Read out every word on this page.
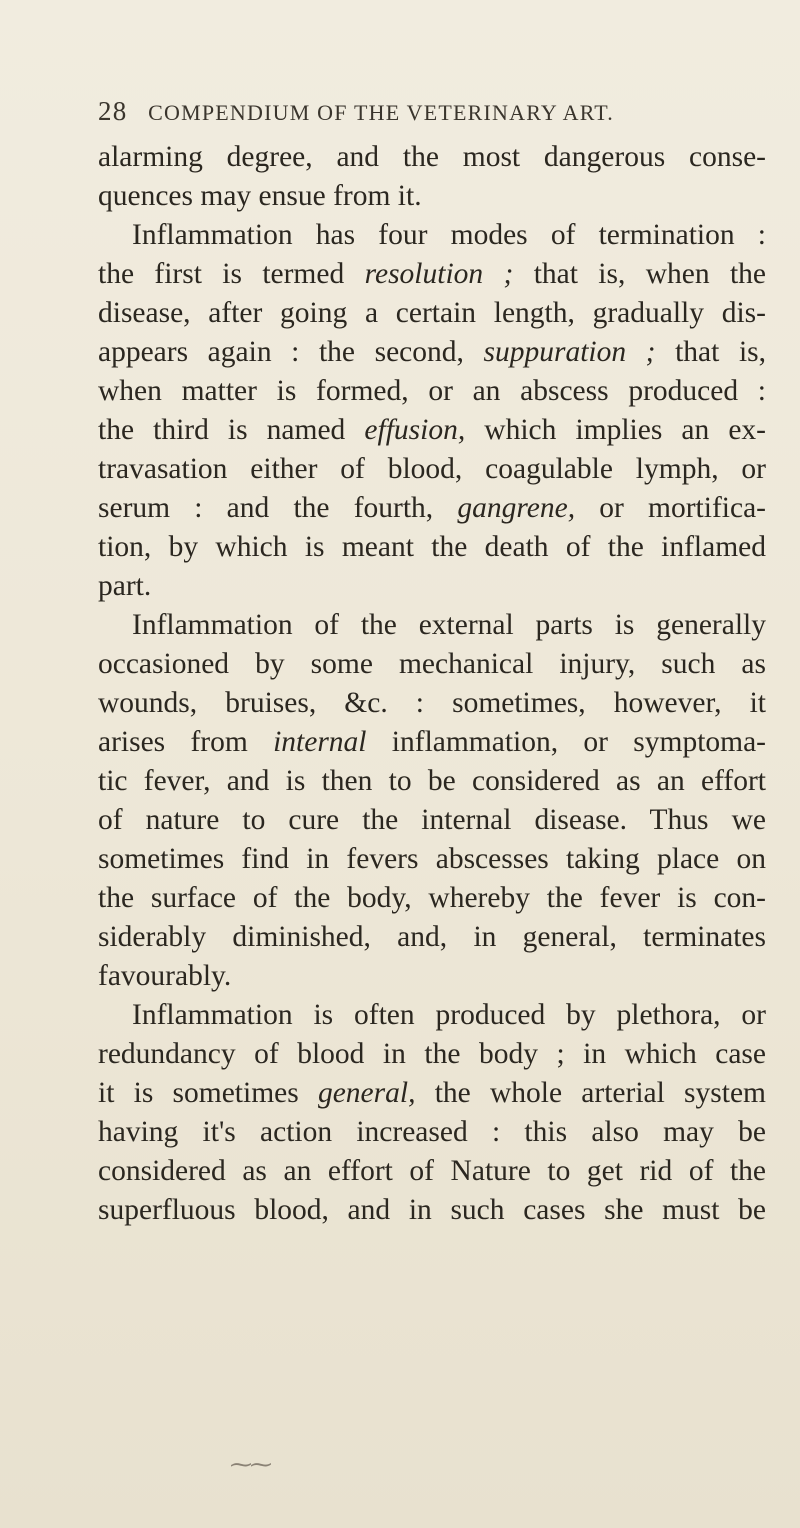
28 COMPENDIUM OF THE VETERINARY ART.
alarming degree, and the most dangerous conse-
quences may ensue from it.
Inflammation has four modes of termination :
the first is termed resolution ; that is, when the
disease, after going a certain length, gradually dis-
appears again : the second, suppuration ; that is,
when matter is formed, or an abscess produced :
the third is named effusion, which implies an ex-
travasation either of blood, coagulable lymph, or
serum : and the fourth, gangrene, or mortifica-
tion, by which is meant the death of the inflamed
part.
Inflammation of the external parts is generally
occasioned by some mechanical injury, such as
wounds, bruises, &c. : sometimes, however, it
arises from internal inflammation, or symptoma-
tic fever, and is then to be considered as an effort
of nature to cure the internal disease. Thus we
sometimes find in fevers abscesses taking place on
the surface of the body, whereby the fever is con-
siderably diminished, and, in general, terminates
favourably.
Inflammation is often produced by plethora, or
redundancy of blood in the body ; in which case
it is sometimes general, the whole arterial system
having it's action increased : this also may be
considered as an effort of Nature to get rid of the
superfluous blood, and in such cases she must be
⁓⁓
